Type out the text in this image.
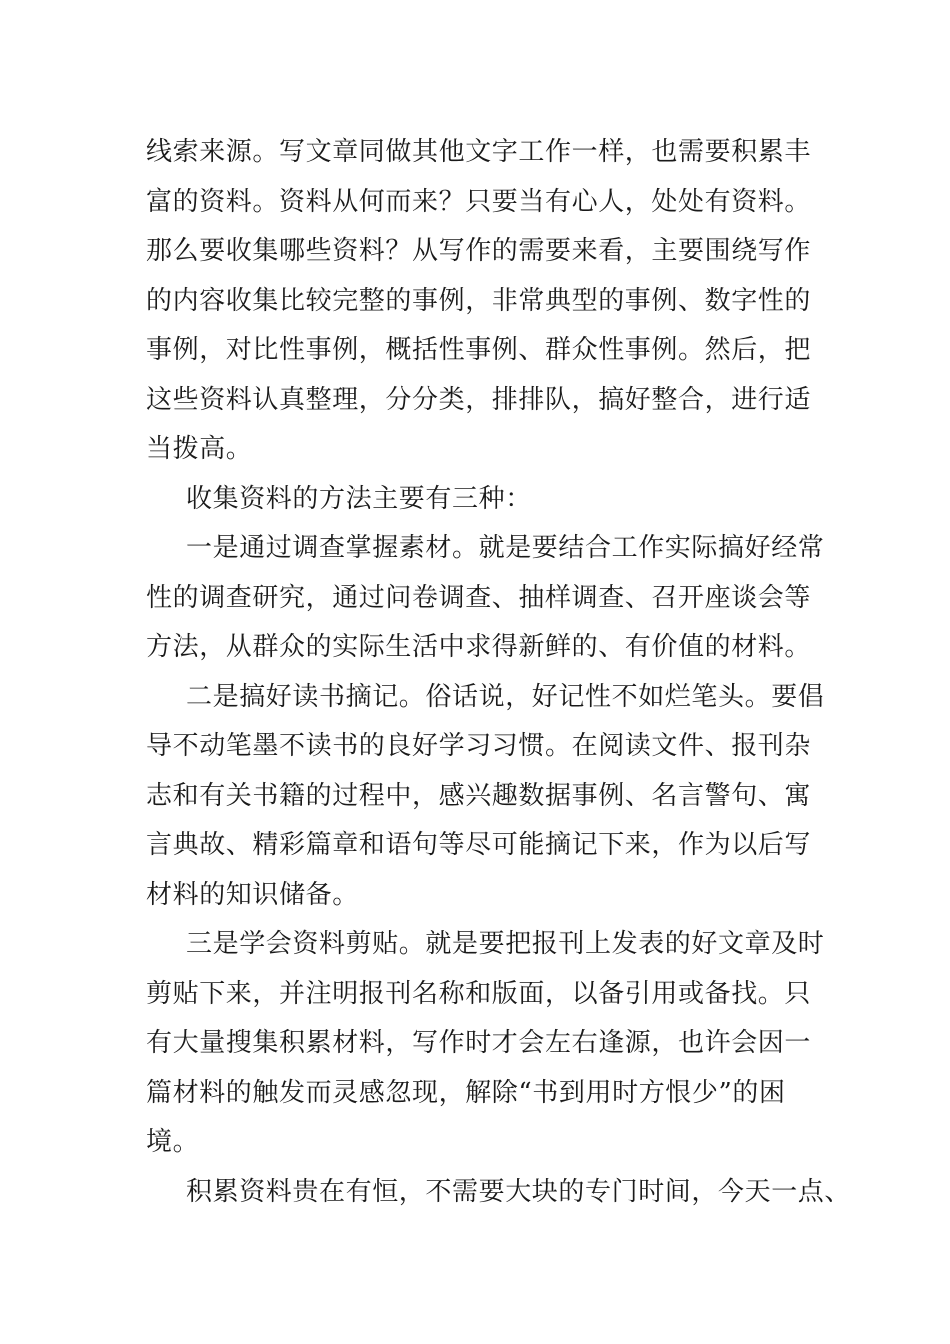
线索来源。写文章同做其他文字工作一样，也需要积累丰
富的资料。资料从何而来？只要当有心人，处处有资料。
那么要收集哪些资料？从写作的需要来看，主要围绕写作
的内容收集比较完整的事例，非常典型的事例、数字性的
事例，对比性事例，概括性事例、群众性事例。然后，把
这些资料认真整理，分分类，排排队，搞好整合，进行适
当拨高。
收集资料的方法主要有三种：
一是通过调查掌握素材。就是要结合工作实际搞好经常
性的调查研究，通过问卷调查、抽样调查、召开座谈会等
方法，从群众的实际生活中求得新鲜的、有价值的材料。
二是搞好读书摘记。俗话说，好记性不如烂笔头。要倡
导不动笔墨不读书的良好学习习惯。在阅读文件、报刊杂
志和有关书籍的过程中，感兴趣数据事例、名言警句、寓
言典故、精彩篇章和语句等尽可能摘记下来，作为以后写
材料的知识储备。
三是学会资料剪贴。就是要把报刊上发表的好文章及时
剪贴下来，并注明报刊名称和版面，以备引用或备找。只
有大量搜集积累材料，写作时才会左右逢源，也许会因一
篇材料的触发而灵感忽现，解除“书到用时方恨少”的困
境。
积累资料贵在有恒，不需要大块的专门时间，今天一点、
